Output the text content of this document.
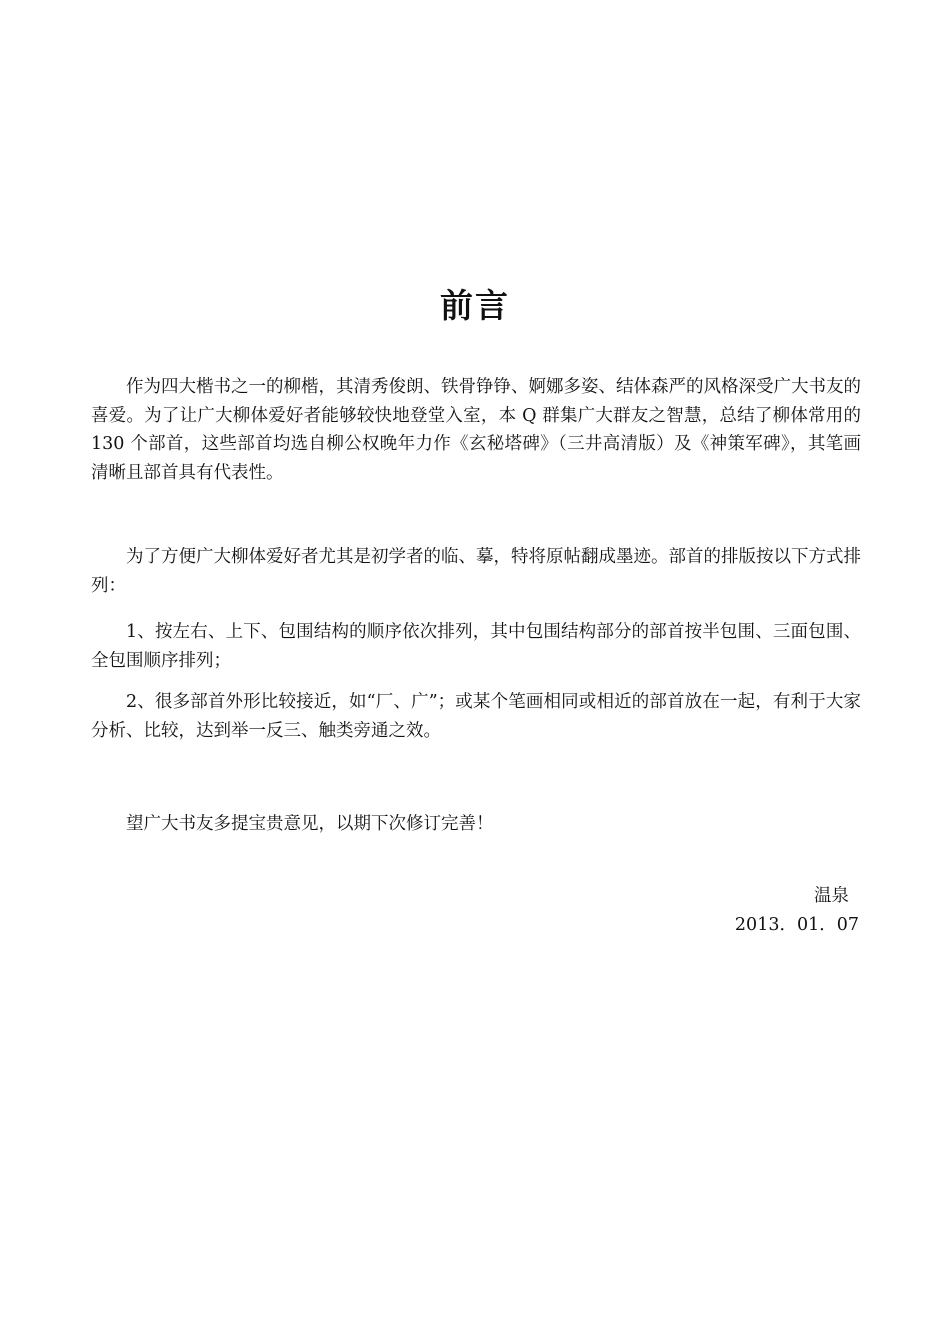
前言

作为四大楷书之一的柳楷，其清秀俊朗、铁骨铮铮、婀娜多姿、结体森严的风格深受广大书友的喜爱。为了让广大柳体爱好者能够较快地登堂入室，本 Q 群集广大群友之智慧，总结了柳体常用的 130 个部首，这些部首均选自柳公权晚年力作《玄秘塔碑》（三井高清版）及《神策军碑》，其笔画清晰且部首具有代表性。

为了方便广大柳体爱好者尤其是初学者的临、摹，特将原帖翻成墨迹。部首的排版按以下方式排列：

1、按左右、上下、包围结构的顺序依次排列，其中包围结构部分的部首按半包围、三面包围、全包围顺序排列；

2、很多部首外形比较接近，如“厂、广”；或某个笔画相同或相近的部首放在一起，有利于大家分析、比较，达到举一反三、触类旁通之效。

望广大书友多提宝贵意见，以期下次修订完善！

温泉
2013．01．07
